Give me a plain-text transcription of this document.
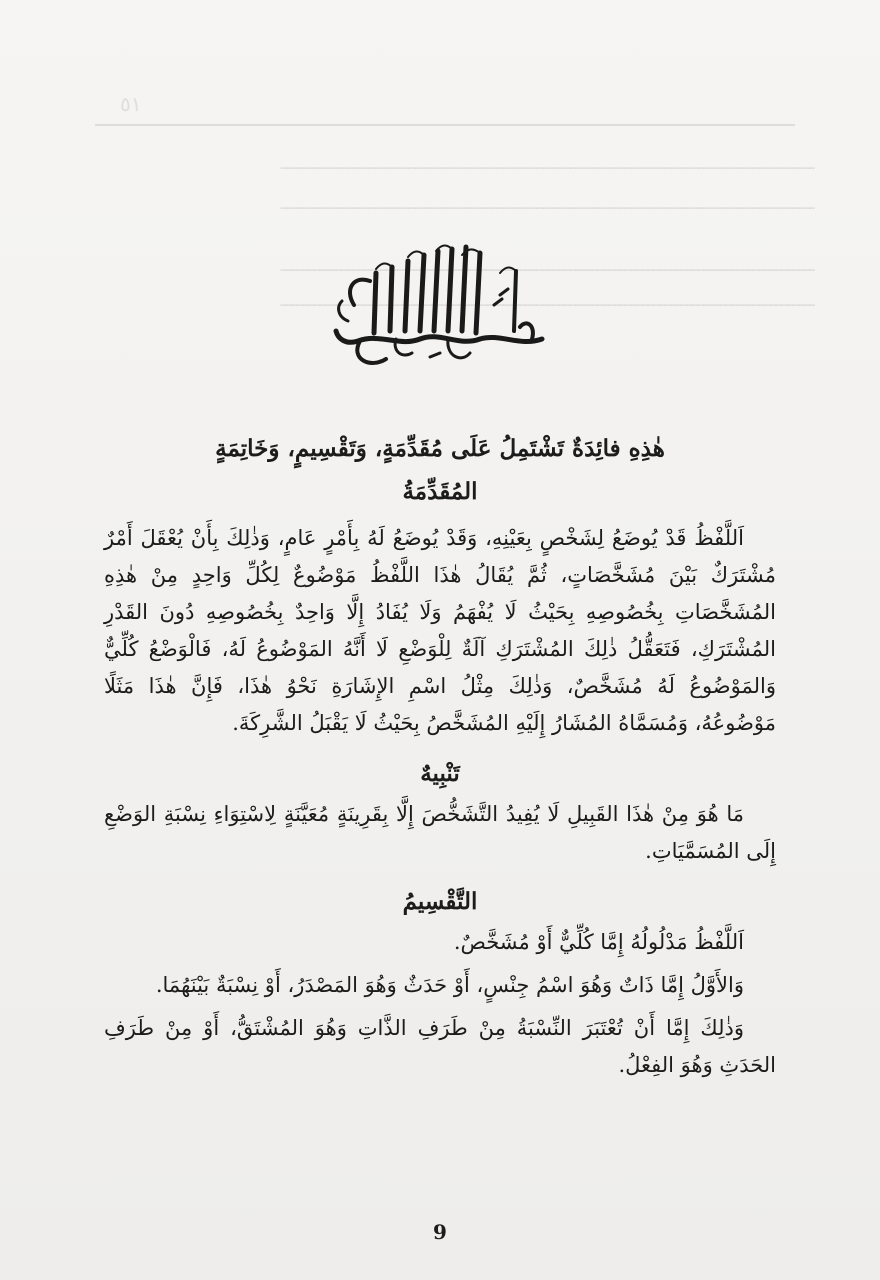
٥١
ــــــــــــــــــــــــــــــــــــــــــــــــــــــــــــــــــــــــــــــــــــــــــــــــ
ــــــــــــــــــــــــــــــــــــــــــــــــــــــــــــــــــــــــــــــــــــــــــــــــ
ــــــــــــــــــــــــــــــــــــــــــــــــــــــــــــــــــــــــــــــــــــــــــــــــ
ــــــــــــــــــــــــــــــــــــــــــــــــــــــــــــــــــــــــــــــــــــــــــــــــ

هٰذِهِ فائِدَةٌ تَشْتَمِلُ عَلَى مُقَدِّمَةٍ، وَتَقْسِيمٍ، وَخَاتِمَةٍ

المُقَدِّمَةُ

اَللَّفْظُ قَدْ يُوضَعُ لِشَخْصٍ بِعَيْنِهِ، وَقَدْ يُوضَعُ لَهُ بِأَمْرٍ عَامٍ، وَذٰلِكَ بِأَنْ يُعْقَلَ أَمْرٌ مُشْتَرَكٌ بَيْنَ مُشَخَّصَاتٍ، ثُمَّ يُقَالُ هٰذَا اللَّفْظُ مَوْضُوعٌ لِكُلِّ وَاحِدٍ مِنْ هٰذِهِ المُشَخَّصَاتِ بِخُصُوصِهِ بِحَيْثُ لَا يُفْهَمُ وَلَا يُفَادُ إِلَّا وَاحِدٌ بِخُصُوصِهِ دُونَ القَدْرِ المُشْتَرَكِ، فَتَعَقُّلُ ذٰلِكَ المُشْتَرَكِ آلَةٌ لِلْوَضْعِ لَا أَنَّهُ المَوْضُوعُ لَهُ، فَالْوَضْعُ كُلِّيٌّ وَالمَوْضُوعُ لَهُ مُشَخَّصٌ، وَذٰلِكَ مِثْلُ اسْمِ الإِشَارَةِ نَحْوُ هٰذَا، فَإِنَّ هٰذَا مَثَلًا مَوْضُوعُهُ، وَمُسَمَّاهُ المُشَارُ إِلَيْهِ المُشَخَّصُ بِحَيْثُ لَا يَقْبَلُ الشَّرِكَةَ.

تَنْبِيهٌ

مَا هُوَ مِنْ هٰذَا القَبِيلِ لَا يُفِيدُ التَّشَخُّصَ إِلَّا بِقَرِينَةٍ مُعَيَّنَةٍ لِاسْتِوَاءِ نِسْبَةِ الوَضْعِ إِلَى المُسَمَّيَاتِ.

التَّقْسِيمُ

اَللَّفْظُ مَدْلُولُهُ إِمَّا كُلِّيٌّ أَوْ مُشَخَّصٌ.

وَالأَوَّلُ إِمَّا ذَاتٌ وَهُوَ اسْمُ جِنْسٍ، أَوْ حَدَثٌ وَهُوَ المَصْدَرُ، أَوْ نِسْبَةٌ بَيْنَهُمَا.

وَذٰلِكَ إِمَّا أَنْ تُعْتَبَرَ النِّسْبَةُ مِنْ طَرَفِ الذَّاتِ وَهُوَ المُشْتَقُّ، أَوْ مِنْ طَرَفِ الحَدَثِ وَهُوَ الفِعْلُ.

9
